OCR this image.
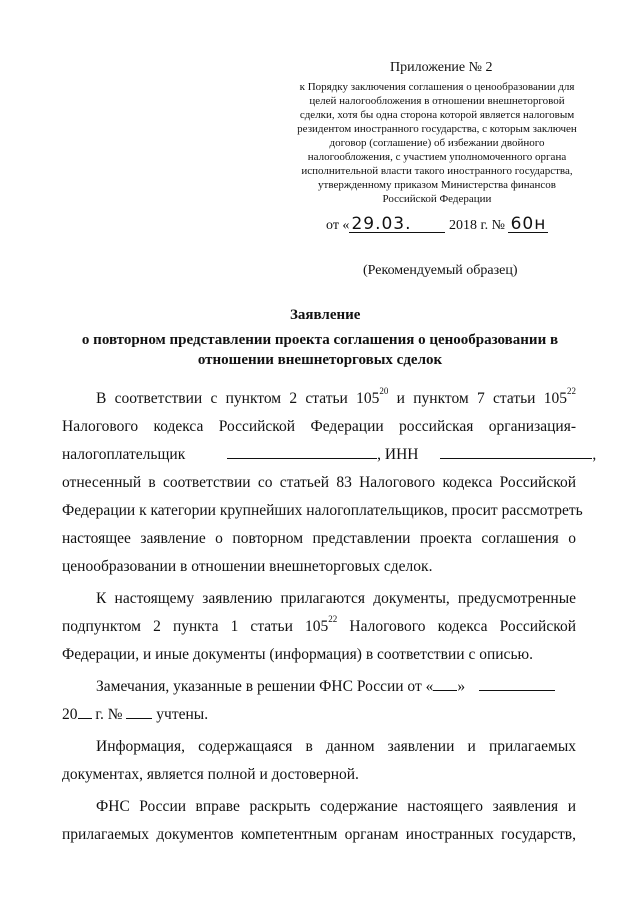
Приложение № 2
к Порядку заключения соглашения о ценообразовании для целей налогообложения в отношении внешнеторговой сделки, хотя бы одна сторона которой является налоговым резидентом иностранного государства, с которым заключен договор (соглашение) об избежании двойного налогообложения, с участием уполномоченного органа исполнительной власти такого иностранного государства, утвержденному приказом Министерства финансов Российской Федерации
от « 29.03.	2018 г. № 60н
(Рекомендуемый образец)
Заявление
о повторном представлении проекта соглашения о ценообразовании в отношении внешнеторговых сделок
В соответствии с пунктом 2 статьи $105^{20}$ и пунктом 7 статьи $105^{22}$
Налогового кодекса Российской Федерации российская организация-
налогоплательщик	, ИНН	,
отнесенный в соответствии со статьей 83 Налогового кодекса Российской
Федерации к категории крупнейших налогоплательщиков, просит рассмотреть
настоящее заявление о повторном представлении проекта соглашения о
ценообразовании в отношении внешнеторговых сделок.
К настоящему заявлению прилагаются документы, предусмотренные
подпунктом 2 пункта 1 статьи $105^{22}$ Налогового кодекса Российской
Федерации, и иные документы (информация) в соответствии с описью.
Замечания, указанные в решении ФНС России от « »
20 г. № учтены.
Информация, содержащаяся в данном заявлении и прилагаемых
документах, является полной и достоверной.
ФНС России вправе раскрыть содержание настоящего заявления и
прилагаемых документов компетентным органам иностранных государств,
